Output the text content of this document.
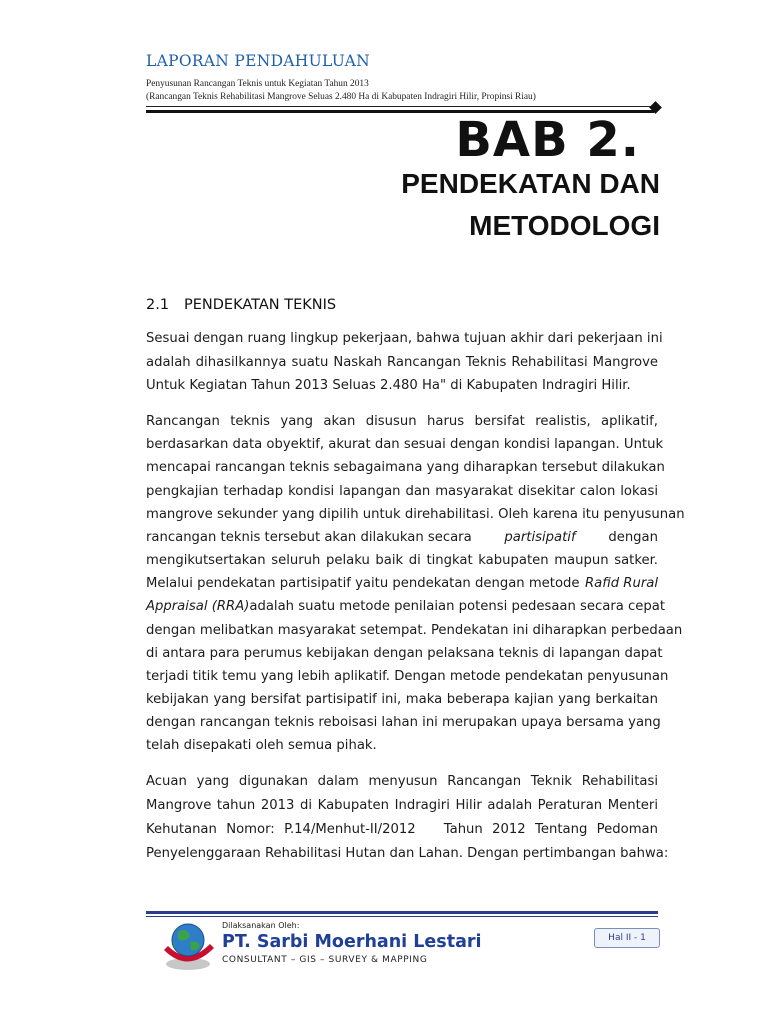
LAPORAN PENDAHULUAN
Penyusunan Rancangan Teknis untuk Kegiatan Tahun 2013
(Rancangan Teknis Rehabilitasi Mangrove Seluas 2.480 Ha di Kabupaten Indragiri Hilir, Propinsi Riau)
BAB 2.
PENDEKATAN DAN
METODOLOGI
2.1 PENDEKATAN TEKNIS
Sesuai dengan ruang lingkup pekerjaan, bahwa tujuan akhir dari pekerjaan ini
adalah dihasilkannya suatu Naskah Rancangan Teknis Rehabilitasi Mangrove
Untuk Kegiatan Tahun 2013 Seluas 2.480 Ha" di Kabupaten Indragiri Hilir.
Rancangan teknis yang akan disusun harus bersifat realistis, aplikatif,
berdasarkan data obyektif, akurat dan sesuai dengan kondisi lapangan. Untuk
mencapai rancangan teknis sebagaimana yang diharapkan tersebut dilakukan
pengkajian terhadap kondisi lapangan dan masyarakat disekitar calon lokasi
mangrove sekunder yang dipilih untuk direhabilitasi. Oleh karena itu penyusunan
rancangan teknis tersebut akan dilakukan secara partisipatif dengan
mengikutsertakan seluruh pelaku baik di tingkat kabupaten maupun satker.
Melalui pendekatan partisipatif yaitu pendekatan dengan metode Rafid Rural
Appraisal (RRA) adalah suatu metode penilaian potensi pedesaan secara cepat
dengan melibatkan masyarakat setempat. Pendekatan ini diharapkan perbedaan
di antara para perumus kebijakan dengan pelaksana teknis di lapangan dapat
terjadi titik temu yang lebih aplikatif. Dengan metode pendekatan penyusunan
kebijakan yang bersifat partisipatif ini, maka beberapa kajian yang berkaitan
dengan rancangan teknis reboisasi lahan ini merupakan upaya bersama yang
telah disepakati oleh semua pihak.
Acuan yang digunakan dalam menyusun Rancangan Teknik Rehabilitasi
Mangrove tahun 2013 di Kabupaten Indragiri Hilir adalah Peraturan Menteri
Kehutanan Nomor: P.14/Menhut-II/2012   Tahun 2012 Tentang Pedoman
Penyelenggaraan Rehabilitasi Hutan dan Lahan. Dengan pertimbangan bahwa:
Dilaksanakan Oleh:
PT. Sarbi Moerhani Lestari
CONSULTANT – GIS – SURVEY & MAPPING
Hal II - 1
